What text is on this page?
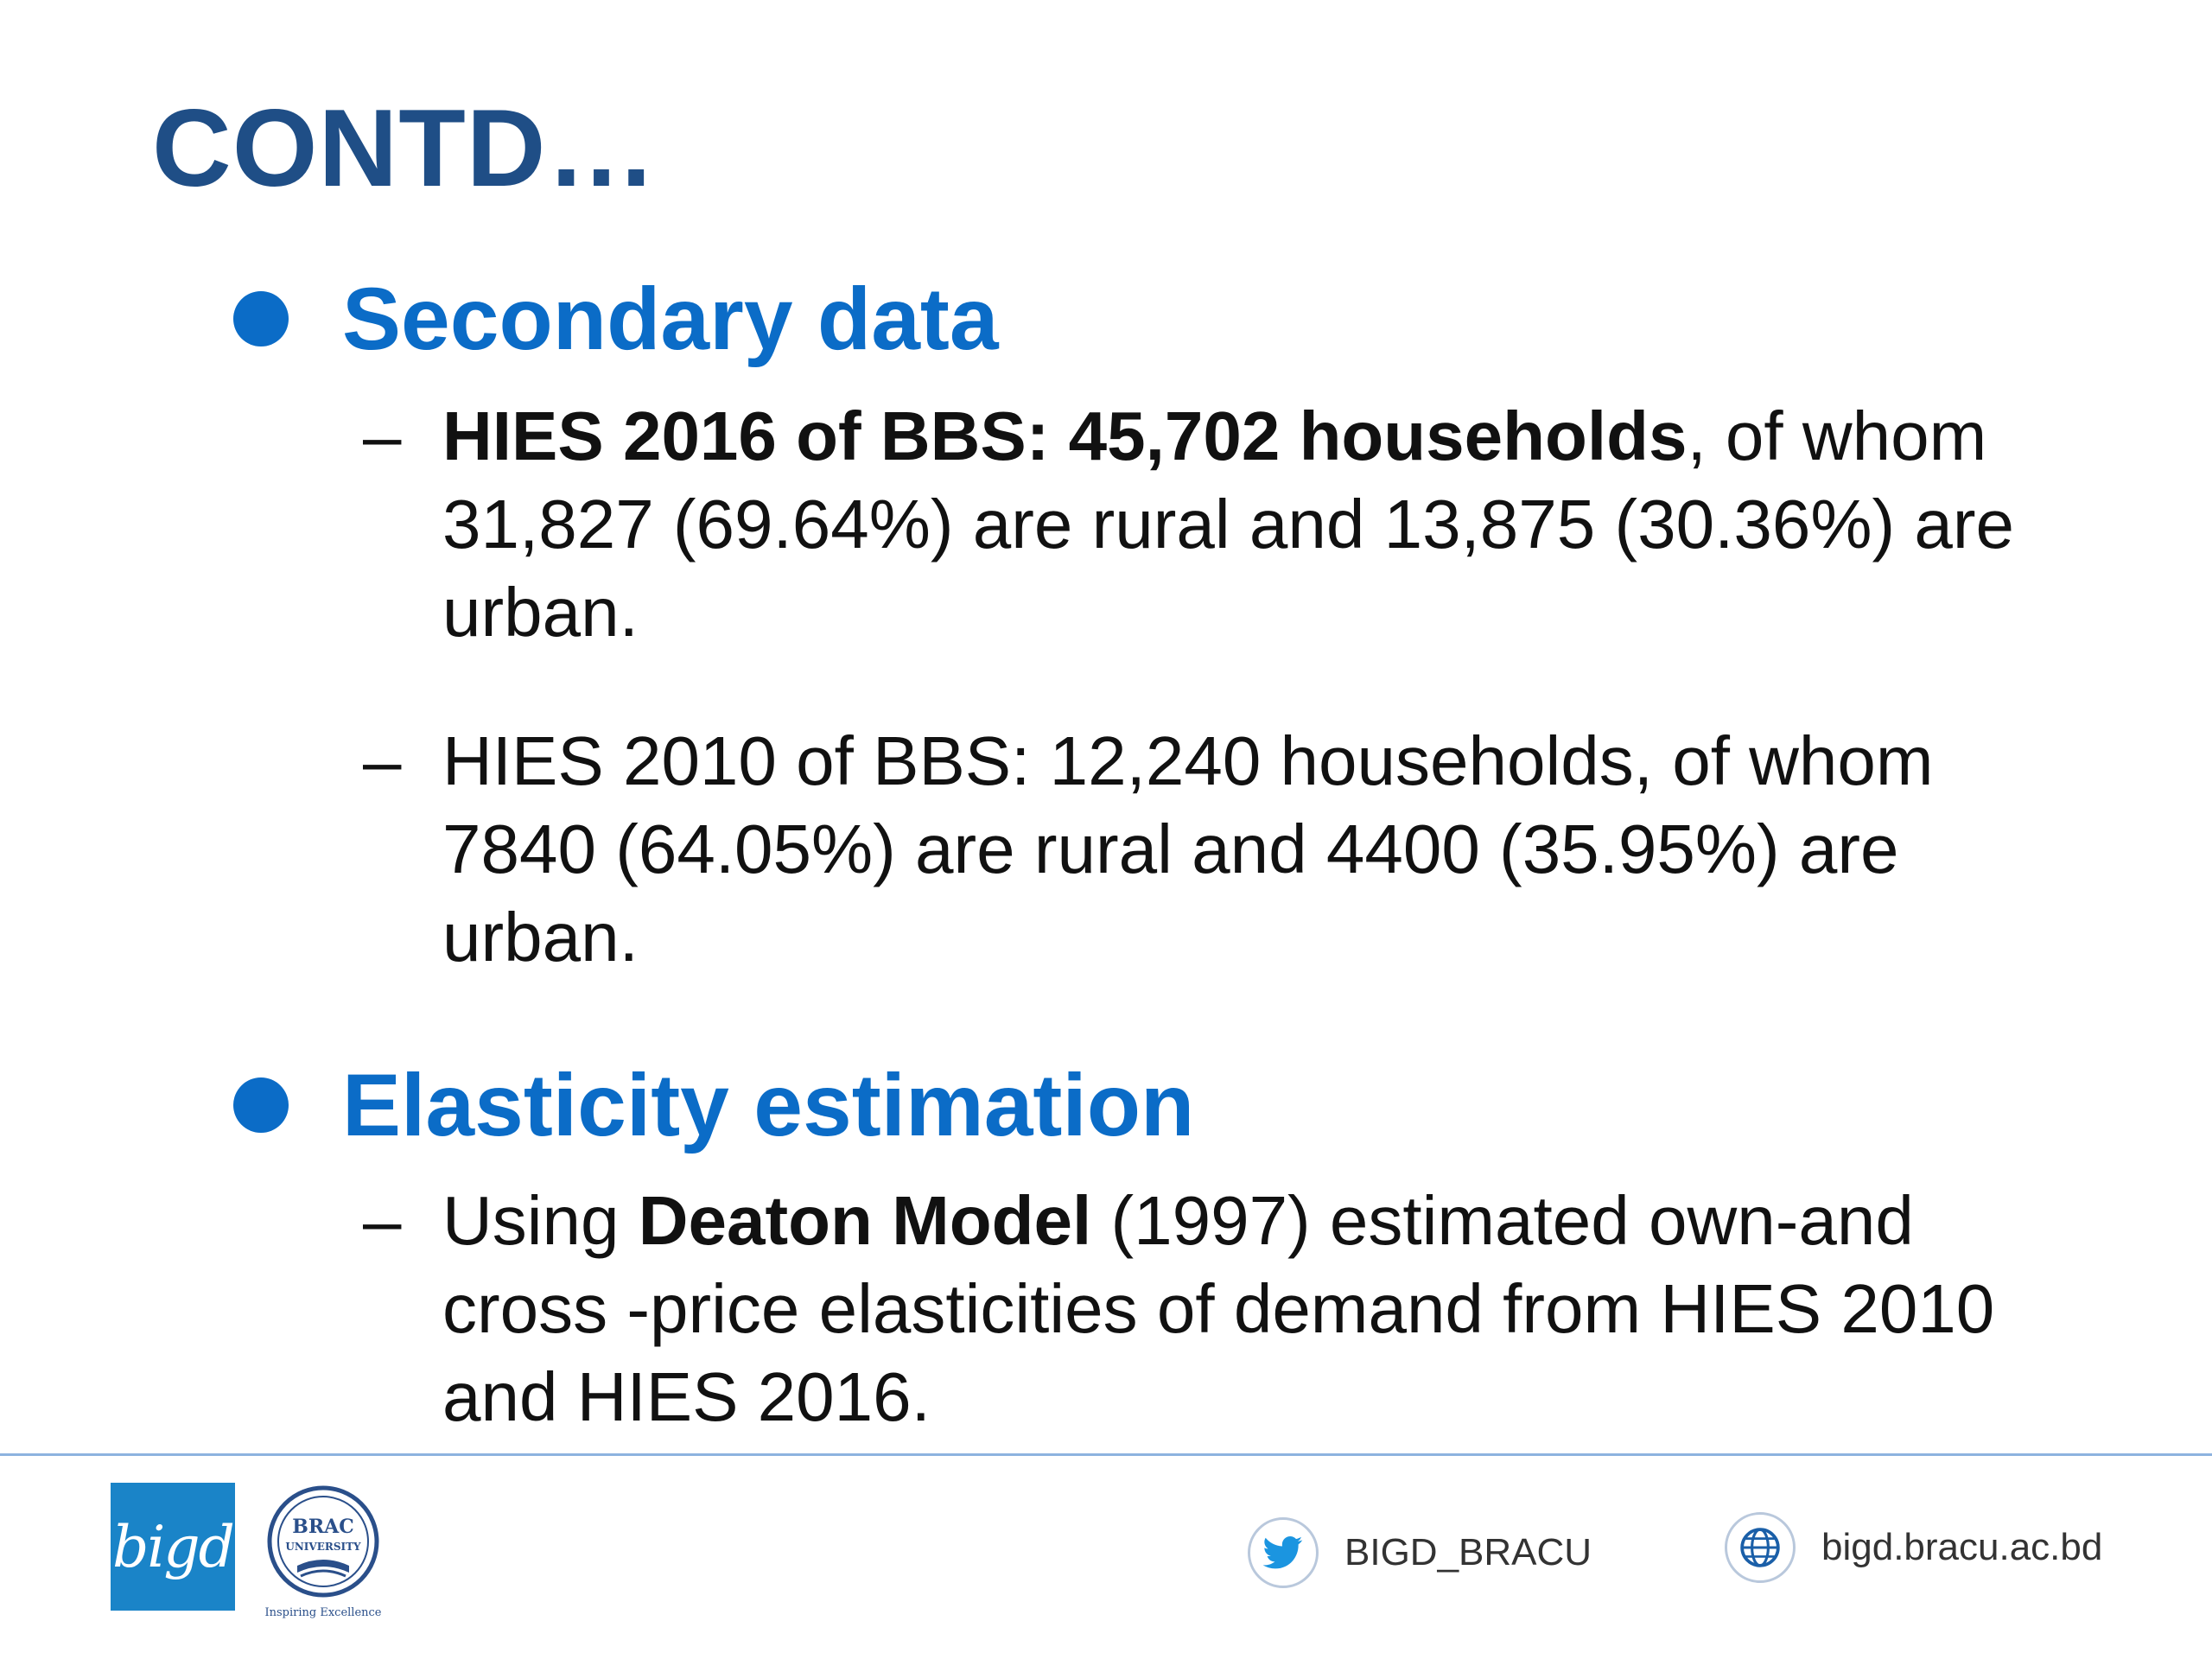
CONTD…
Secondary data
– HIES 2016 of BBS: 45,702 households, of whom 31,827 (69.64%) are rural and 13,875 (30.36%) are urban.
– HIES 2010 of BBS: 12,240 households, of whom 7840 (64.05%) are rural and 4400 (35.95%) are urban.
Elasticity estimation
– Using Deaton Model (1997) estimated own-and cross -price elasticities of demand from HIES 2010 and HIES 2016.
bigd	BRAC
UNIVERSITY
Inspiring Excellence
BIGD_BRACU	bigd.bracu.ac.bd
